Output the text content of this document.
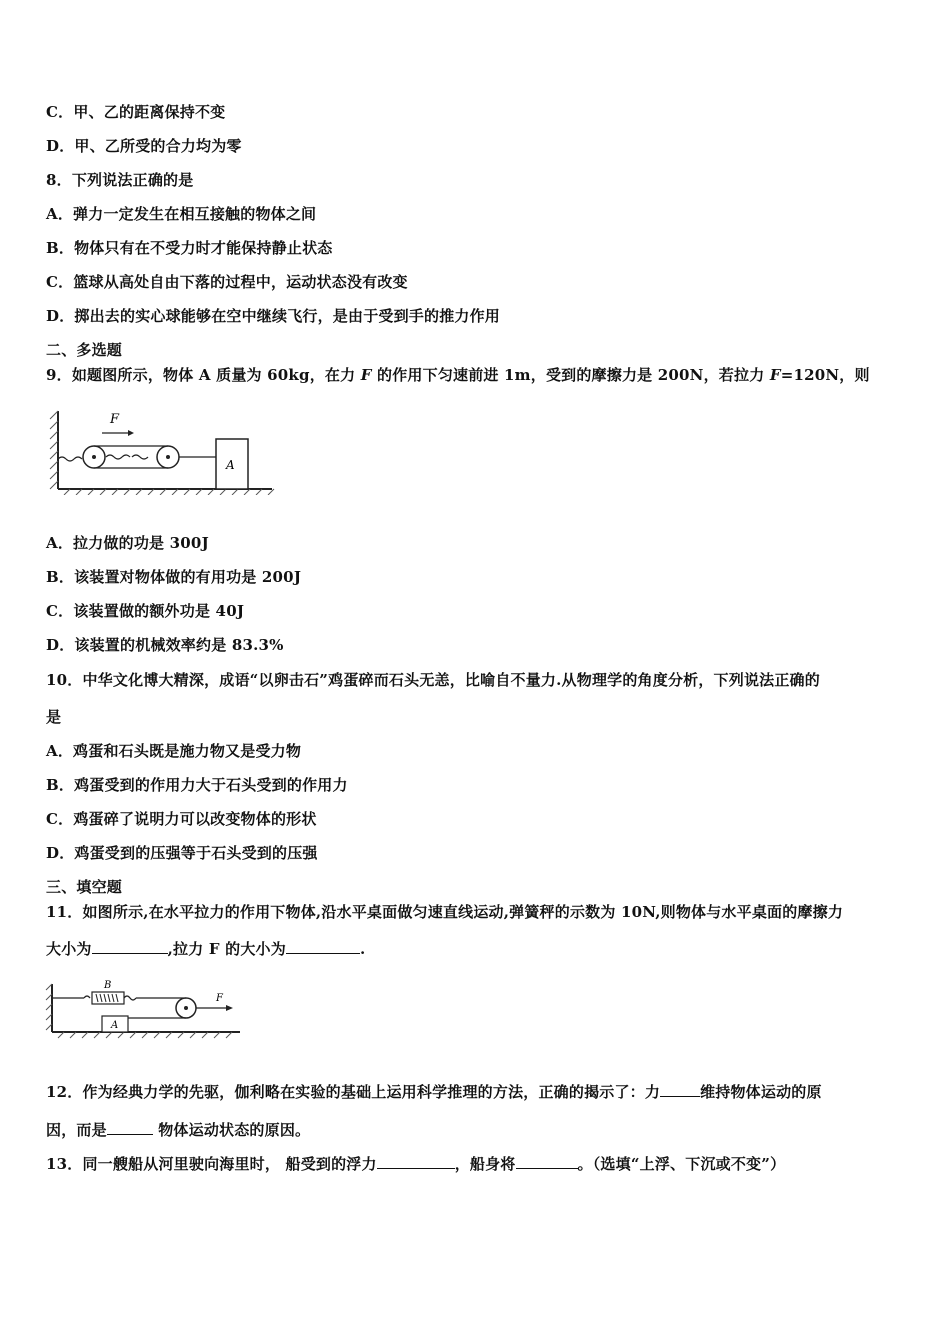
C．甲、乙的距离保持不变
D．甲、乙所受的合力均为零
8．下列说法正确的是
A．弹力一定发生在相互接触的物体之间
B．物体只有在不受力时才能保持静止状态
C．篮球从高处自由下落的过程中，运动状态没有改变
D．掷出去的实心球能够在空中继续飞行，是由于受到手的推力作用
二、多选题
9．如题图所示，物体 A 质量为 60kg，在力 F 的作用下匀速前进 1m，受到的摩擦力是 200N，若拉力 F=120N，则
F
A
A．拉力做的功是 300J
B．该装置对物体做的有用功是 200J
C．该装置做的额外功是 40J
D．该装置的机械效率约是 83.3%
10．中华文化博大精深，成语“以卵击石”鸡蛋碎而石头无恙，比喻自不量力.从物理学的角度分析，下列说法正确的
是
A．鸡蛋和石头既是施力物又是受力物
B．鸡蛋受到的作用力大于石头受到的作用力
C．鸡蛋碎了说明力可以改变物体的形状
D．鸡蛋受到的压强等于石头受到的压强
三、填空题
11．如图所示,在水平拉力的作用下物体,沿水平桌面做匀速直线运动,弹簧秤的示数为 10N,则物体与水平桌面的摩擦力
大小为	,拉力 F 的大小为	.
B
A
F
12．作为经典力学的先驱，伽利略在实验的基础上运用科学推理的方法，正确的揭示了：力	维持物体运动的原
因，而是	物体运动状态的原因。
13．同一艘船从河里驶向海里时， 船受到的浮力	，船身将	。（选填“上浮、下沉或不变”）
